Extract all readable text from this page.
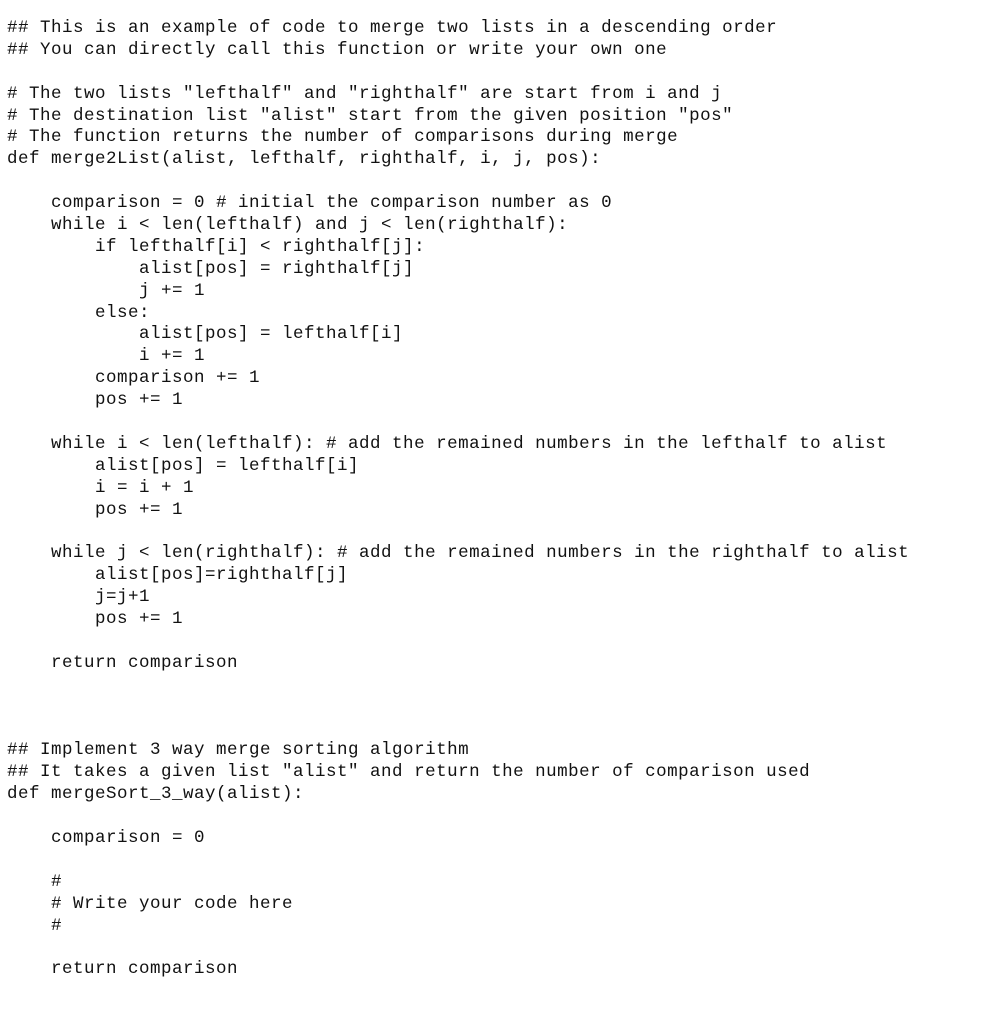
## This is an example of code to merge two lists in a descending order
## You can directly call this function or write your own one
# The two lists "lefthalf" and "righthalf" are start from i and j
# The destination list "alist" start from the given position "pos"
# The function returns the number of comparisons during merge
def merge2List(alist, lefthalf, righthalf, i, j, pos):
comparison = 0 # initial the comparison number as 0
while i < len(lefthalf) and j < len(righthalf):
if lefthalf[i] < righthalf[j]:
alist[pos] = righthalf[j]
j += 1
else:
alist[pos] = lefthalf[i]
i += 1
comparison += 1
pos += 1
while i < len(lefthalf): # add the remained numbers in the lefthalf to alist
alist[pos] = lefthalf[i]
i = i + 1
pos += 1
while j < len(righthalf): # add the remained numbers in the righthalf to alist
alist[pos]=righthalf[j]
j=j+1
pos += 1
return comparison
## Implement 3 way merge sorting algorithm
## It takes a given list "alist" and return the number of comparison used
def mergeSort_3_way(alist):
comparison = 0
#
# Write your code here
#
return comparison
